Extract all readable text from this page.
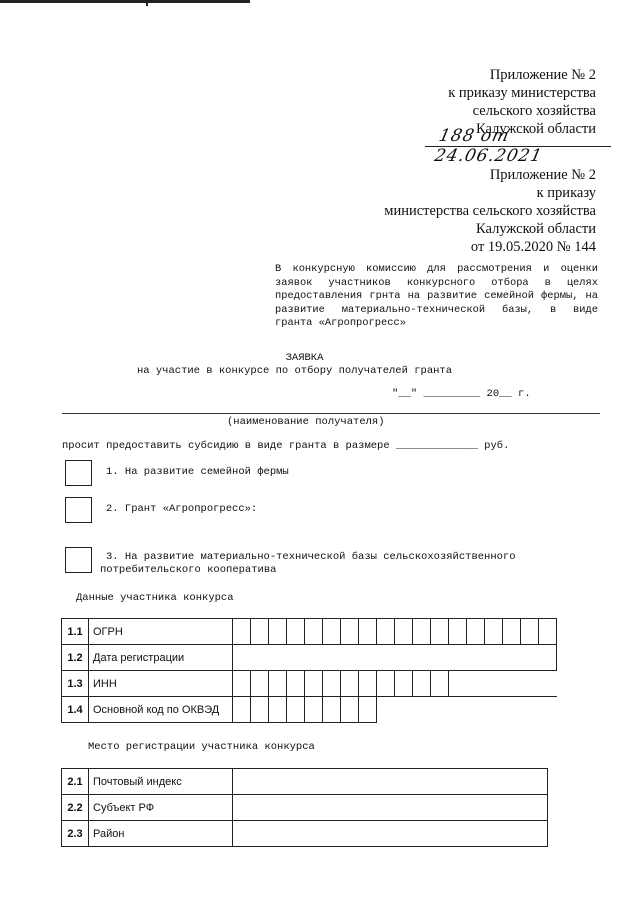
Приложение № 2
к приказу министерства
сельского хозяйства
Калужской области
188 от 24.06.2021
Приложение № 2
к приказу
министерства сельского хозяйства
Калужской области
от 19.05.2020 № 144

В конкурсную комиссию для рассмотрения и оценки заявок участников конкурсного отбора в целях предоставления грнта на развитие семейной фермы, на развитие материально-технической базы, в виде гранта «Агропрогресс»

ЗАЯВКА
на участие в конкурсе по отбору получателей гранта
"__" _________ 20__ г.
(наименование получателя)
просит предоставить субсидию в виде гранта в размере _____________ руб.
1. На развитие семейной фермы
2. Грант «Агропрогресс»:
3. На развитие материально-технической базы сельскохозяйственного
потребительского кооператива
Данные участника конкурса
1.1	ОГРН																		
1.2	Дата регистрации																		
1.3	ИНН																		
1.4	Основной код по ОКВЭД																		
Место регистрации участника конкурса
2.1	Почтовый индекс	
2.2	Субъект РФ	
2.3	Район	
